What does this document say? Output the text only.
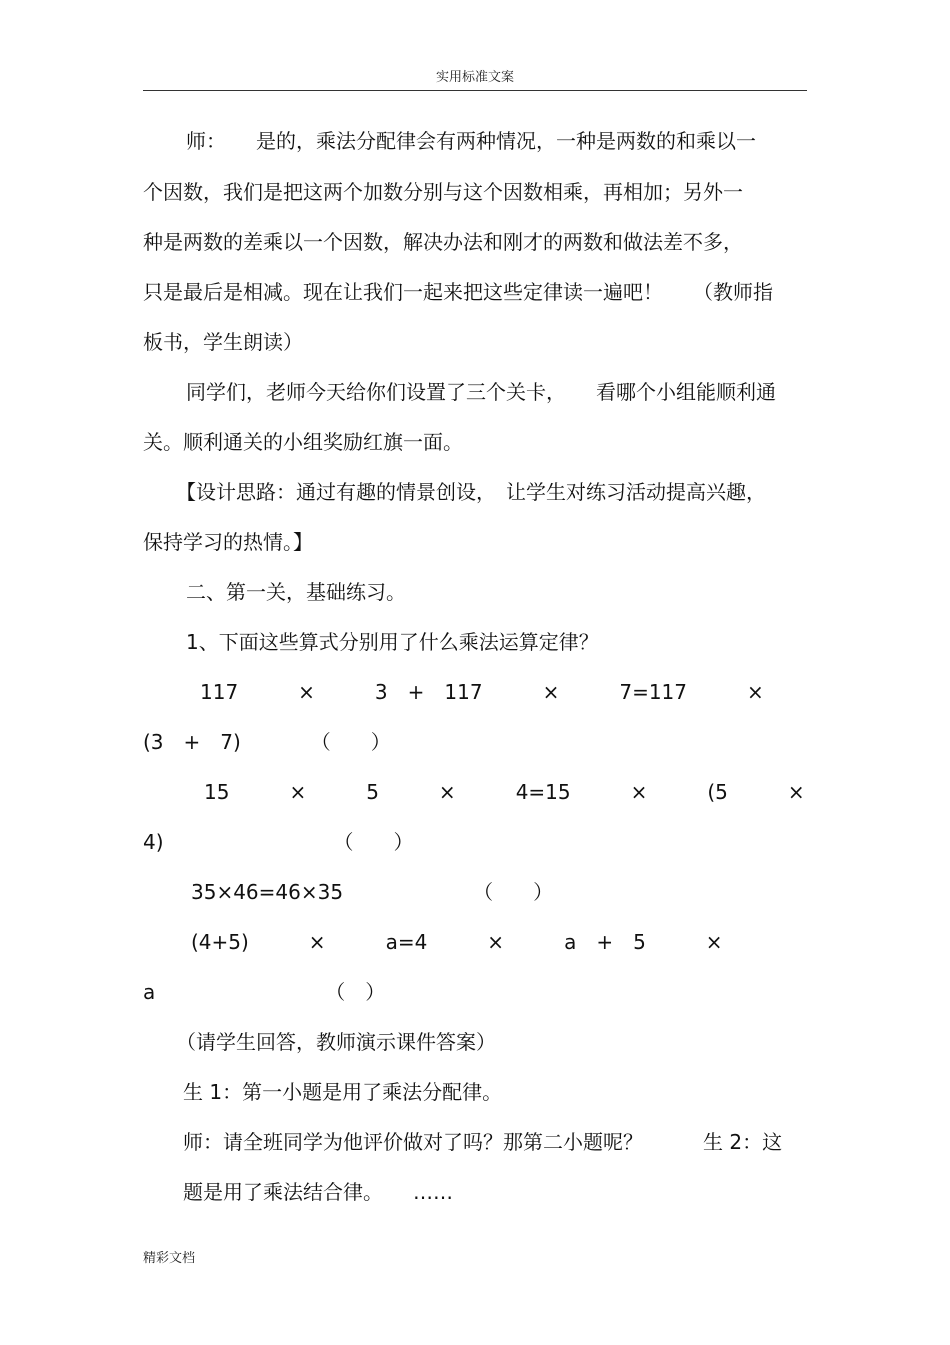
实用标准文案
师：　　是的，乘法分配律会有两种情况，一种是两数的和乘以一
个因数，我们是把这两个加数分别与这个因数相乘，再相加；另外一
种是两数的差乘以一个因数，解决办法和刚才的两数和做法差不多，
只是最后是相减。现在让我们一起来把这些定律读一遍吧！　　（教师指
板书，学生朗读）
同学们，老师今天给你们设置了三个关卡，　　看哪个小组能顺利通
关。顺利通关的小组奖励红旗一面。
【设计思路：通过有趣的情景创设，　让学生对练习活动提高兴趣，
保持学习的热情。】
二、第一关，基础练习。
1、下面这些算式分别用了什么乘法运算定律？
117　　　×　　　3　+　117　　　×　　　7=117　　　×
(3　+　7)　　　　（　　）
15　　　×　　　5　　　×　　　4=15　　　×　　　(5　　　×
4)　　　　　　　　　（　　）
35×46=46×35　　　　　　　（　　）
(4+5)　　　×　　　a=4　　　×　　　a　+　5　　　×
a　　　　　　　　　（　）
（请学生回答，教师演示课件答案）
生 1：第一小题是用了乘法分配律。
师：请全班同学为他评价做对了吗？那第二小题呢？　　　生 2：这
题是用了乘法结合律。　　……
精彩文档
